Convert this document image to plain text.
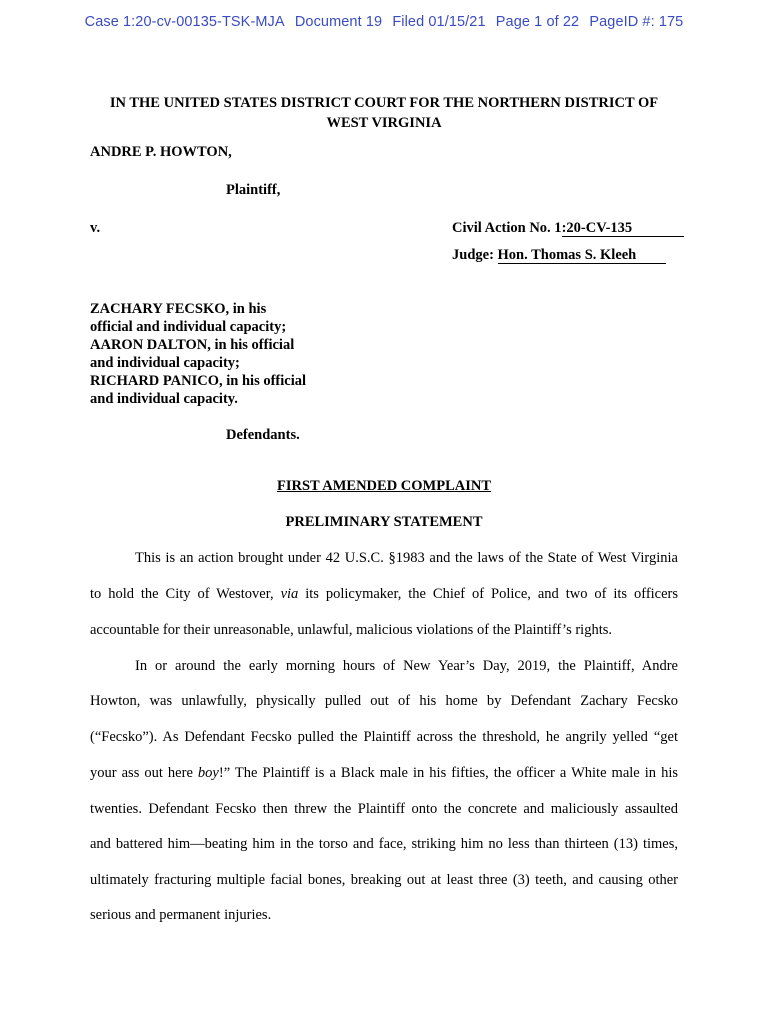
Case 1:20-cv-00135-TSK-MJA Document 19 Filed 01/15/21 Page 1 of 22 PageID #: 175
IN THE UNITED STATES DISTRICT COURT FOR THE NORTHERN DISTRICT OF
WEST VIRGINIA
ANDRE P. HOWTON,
Plaintiff,
v.	Civil Action No. 1:20-CV-135
Judge: Hon. Thomas S. Kleeh
ZACHARY FECSKO, in his
official and individual capacity;
AARON DALTON, in his official
and individual capacity;
RICHARD PANICO, in his official
and individual capacity.
Defendants.
FIRST AMENDED COMPLAINT
PRELIMINARY STATEMENT
This is an action brought under 42 U.S.C. §1983 and the laws of the State of West Virginia
to hold the City of Westover, via its policymaker, the Chief of Police, and two of its officers
accountable for their unreasonable, unlawful, malicious violations of the Plaintiff’s rights.
In or around the early morning hours of New Year’s Day, 2019, the Plaintiff, Andre
Howton, was unlawfully, physically pulled out of his home by Defendant Zachary Fecsko
(“Fecsko”). As Defendant Fecsko pulled the Plaintiff across the threshold, he angrily yelled “get
your ass out here boy!” The Plaintiff is a Black male in his fifties, the officer a White male in his
twenties. Defendant Fecsko then threw the Plaintiff onto the concrete and maliciously assaulted
and battered him—beating him in the torso and face, striking him no less than thirteen (13) times,
ultimately fracturing multiple facial bones, breaking out at least three (3) teeth, and causing other
serious and permanent injuries.
